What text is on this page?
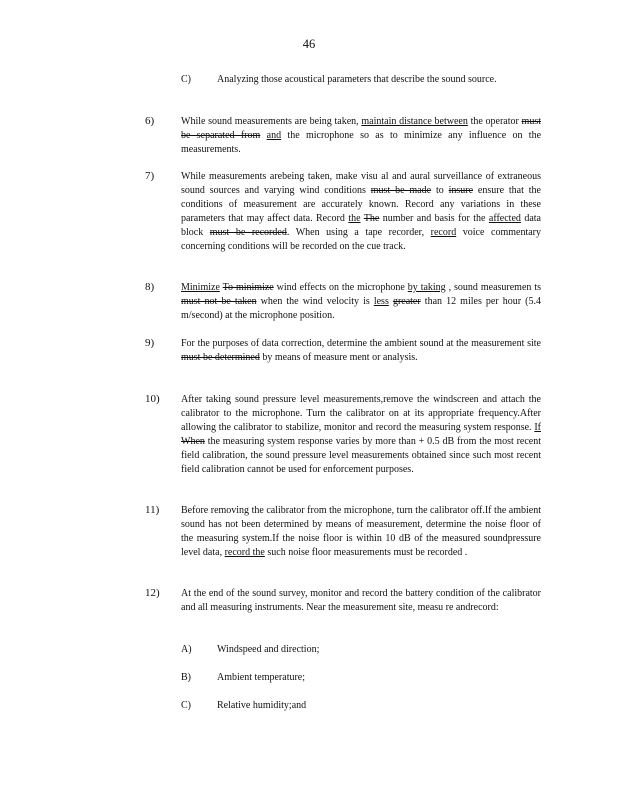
46
C)	Analyzing those acoustical parameters that describe the sound source.
6)	While sound measurements are being taken, maintain distance between the operator must be separated from and the microphone so as to minimize any influence on the measurements.
7)	While measurements arebeing taken, make visu al and aural surveillance of extraneous sound sources and varying wind conditions must be made to insure ensure that the conditions of measurement are accurately known. Record any variations in these parameters that may affect data. Record the The number and basis for the affected data block must be recorded. When using a tape recorder, record voice commentary concerning conditions will be recorded on the cue track.
8)	Minimize To minimize wind effects on the microphone by taking , sound measuremen ts must not be taken when the wind velocity is less greater than 12 miles per hour (5.4 m/second) at the microphone position.
9)	For the purposes of data correction, determine the ambient sound at the measurement site must be determined by means of measure ment or analysis.
10) After taking sound pressure level measurements,remove the windscreen and attach the calibrator to the microphone. Turn the calibrator on at its appropriate frequency.After allowing the calibrator to stabilize, monitor and record the measuring system response. If When the measuring system response varies by more than + 0.5 dB from the most recent field calibration, the sound pressure level measurements obtained since such most recent field calibration cannot be used for enforcement purposes.
11) Before removing the calibrator from the microphone, turn the calibrator off.If the ambient sound has not been determined by means of measurement, determine the noise floor of the measuring system.If the noise floor is within 10 dB of the measured soundpressure level data, record the such noise floor measurements must be recorded .
12) At the end of the sound survey, monitor and record the battery condition of the calibrator and all measuring instruments. Near the measurement site, measu re andrecord:
A)	Windspeed and direction;
B)	Ambient temperature;
C)	Relative humidity;and
